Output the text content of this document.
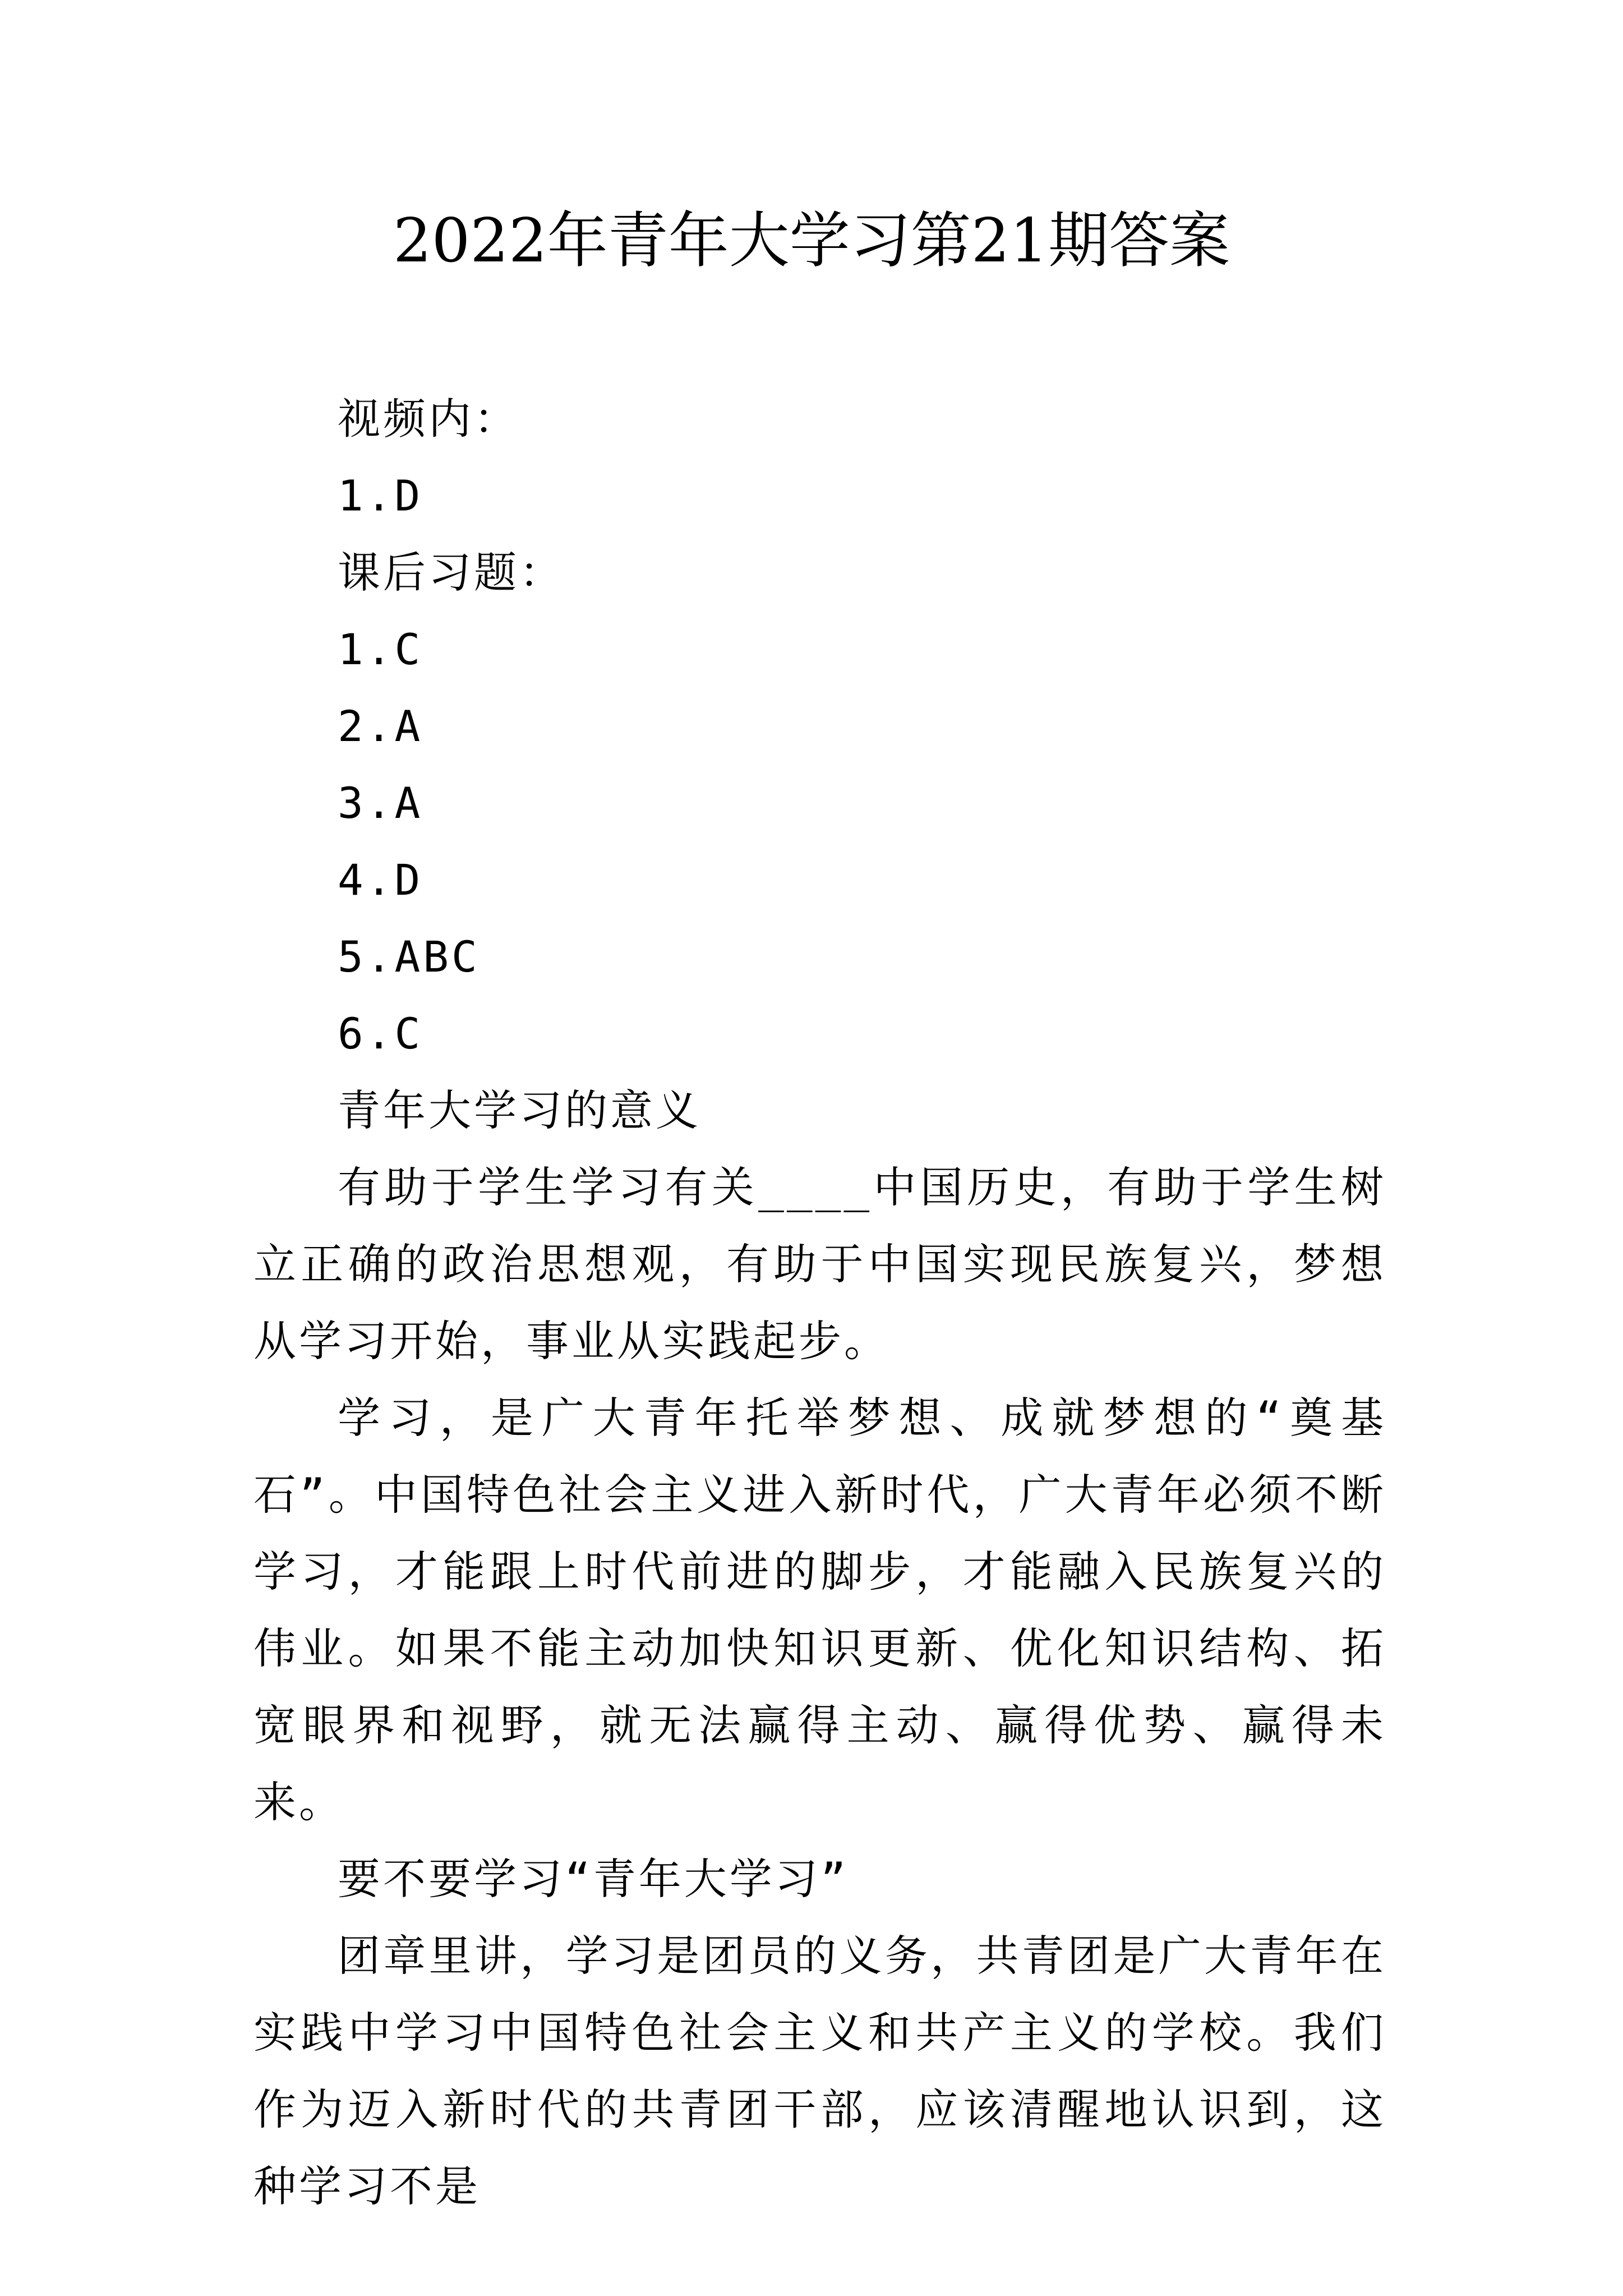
2022年青年大学习第21期答案

视频内：

1.D

课后习题：

1.C

2.A

3.A

4.D

5.ABC

6.C

青年大学习的意义

有助于学生学习有关____中国历史，有助于学生树立正确的政治思想观，有助于中国实现民族复兴，梦想从学习开始，事业从实践起步。

学习，是广大青年托举梦想、成就梦想的“奠基石”。中国特色社会主义进入新时代，广大青年必须不断学习，才能跟上时代前进的脚步，才能融入民族复兴的伟业。如果不能主动加快知识更新、优化知识结构、拓宽眼界和视野，就无法赢得主动、赢得优势、赢得未来。

要不要学习“青年大学习”

团章里讲，学习是团员的义务，共青团是广大青年在实践中学习中国特色社会主义和共产主义的学校。我们作为迈入新时代的共青团干部，应该清醒地认识到，这种学习不是
